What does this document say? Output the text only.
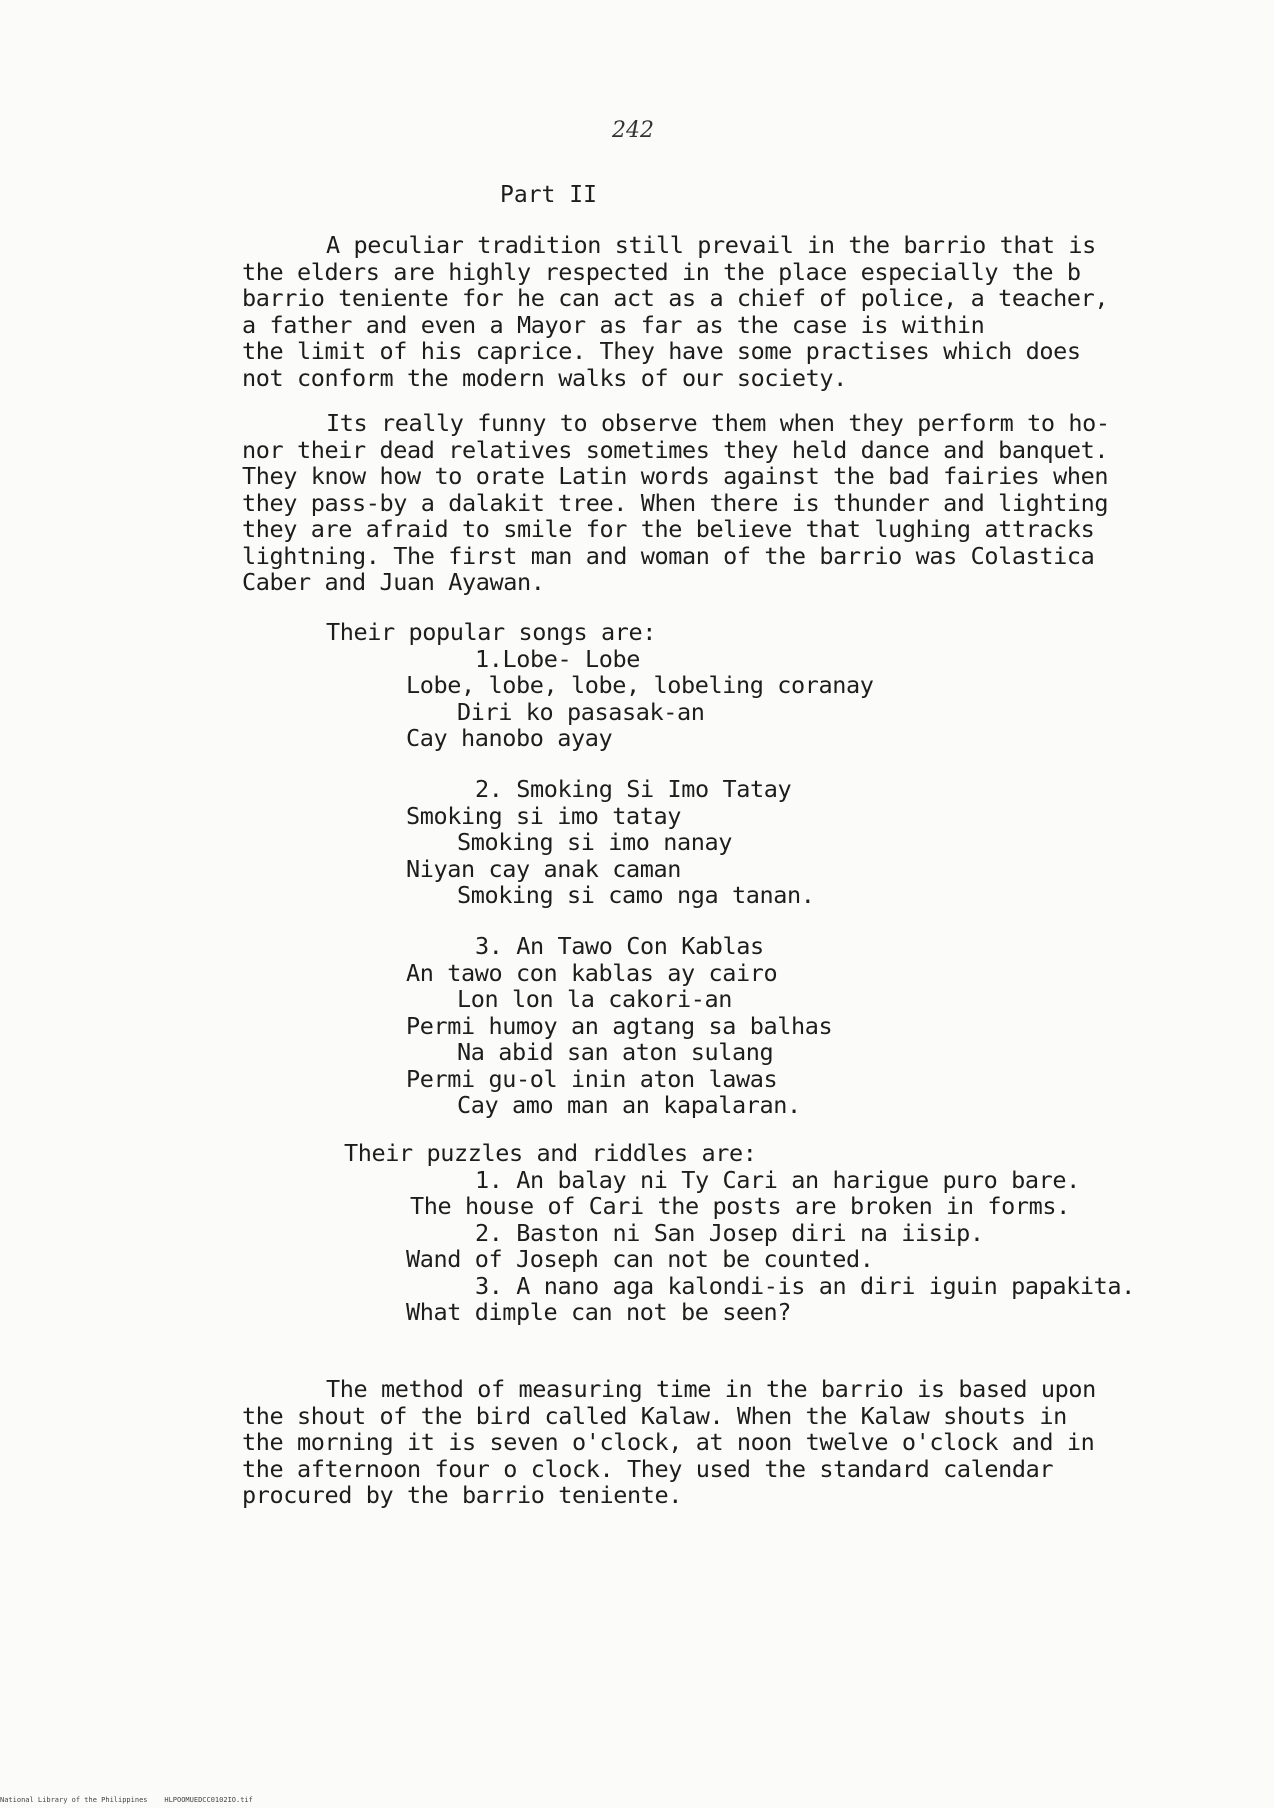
242
Part II
A peculiar tradition still prevail in the barrio that is
the elders are highly respected in the place especially the b
barrio teniente for he can act as a chief of police, a teacher,
a father and even a Mayor as far as the case is within
the limit of his caprice. They have some practises which does
not conform the modern walks of our society.
Its really funny to observe them when they perform to ho-
nor their dead relatives sometimes they held dance and banquet.
They know how to orate Latin words against the bad fairies when
they pass-by a dalakit tree. When there is thunder and lighting
they are afraid to smile for the believe that lughing attracks
lightning. The first man and woman of the barrio was Colastica
Caber and Juan Ayawan.
Their popular songs are:
1.Lobe- Lobe
Lobe, lobe, lobe, lobeling coranay
Diri ko pasasak-an
Cay hanobo ayay
2. Smoking Si Imo Tatay
Smoking si imo tatay
Smoking si imo nanay
Niyan cay anak caman
Smoking si camo nga tanan.
3. An Tawo Con Kablas
An tawo con kablas ay cairo
Lon lon la cakori-an
Permi humoy an agtang sa balhas
Na abid san aton sulang
Permi gu-ol inin aton lawas
Cay amo man an kapalaran.
Their puzzles and riddles are:
1. An balay ni Ty Cari an harigue puro bare.
The house of Cari the posts are broken in forms.
2. Baston ni San Josep diri na iisip.
Wand of Joseph can not be counted.
3. A nano aga kalondi-is an diri iguin papakita.
What dimple can not be seen?
The method of measuring time in the barrio is based upon
the shout of the bird called Kalaw. When the Kalaw shouts in
the morning it is seven o'clock, at noon twelve o'clock and in
the afternoon four o clock. They used the standard calendar
procured by the barrio teniente.
National Library of the Philippines    HLPOOMUEDCC0102IO.tif
